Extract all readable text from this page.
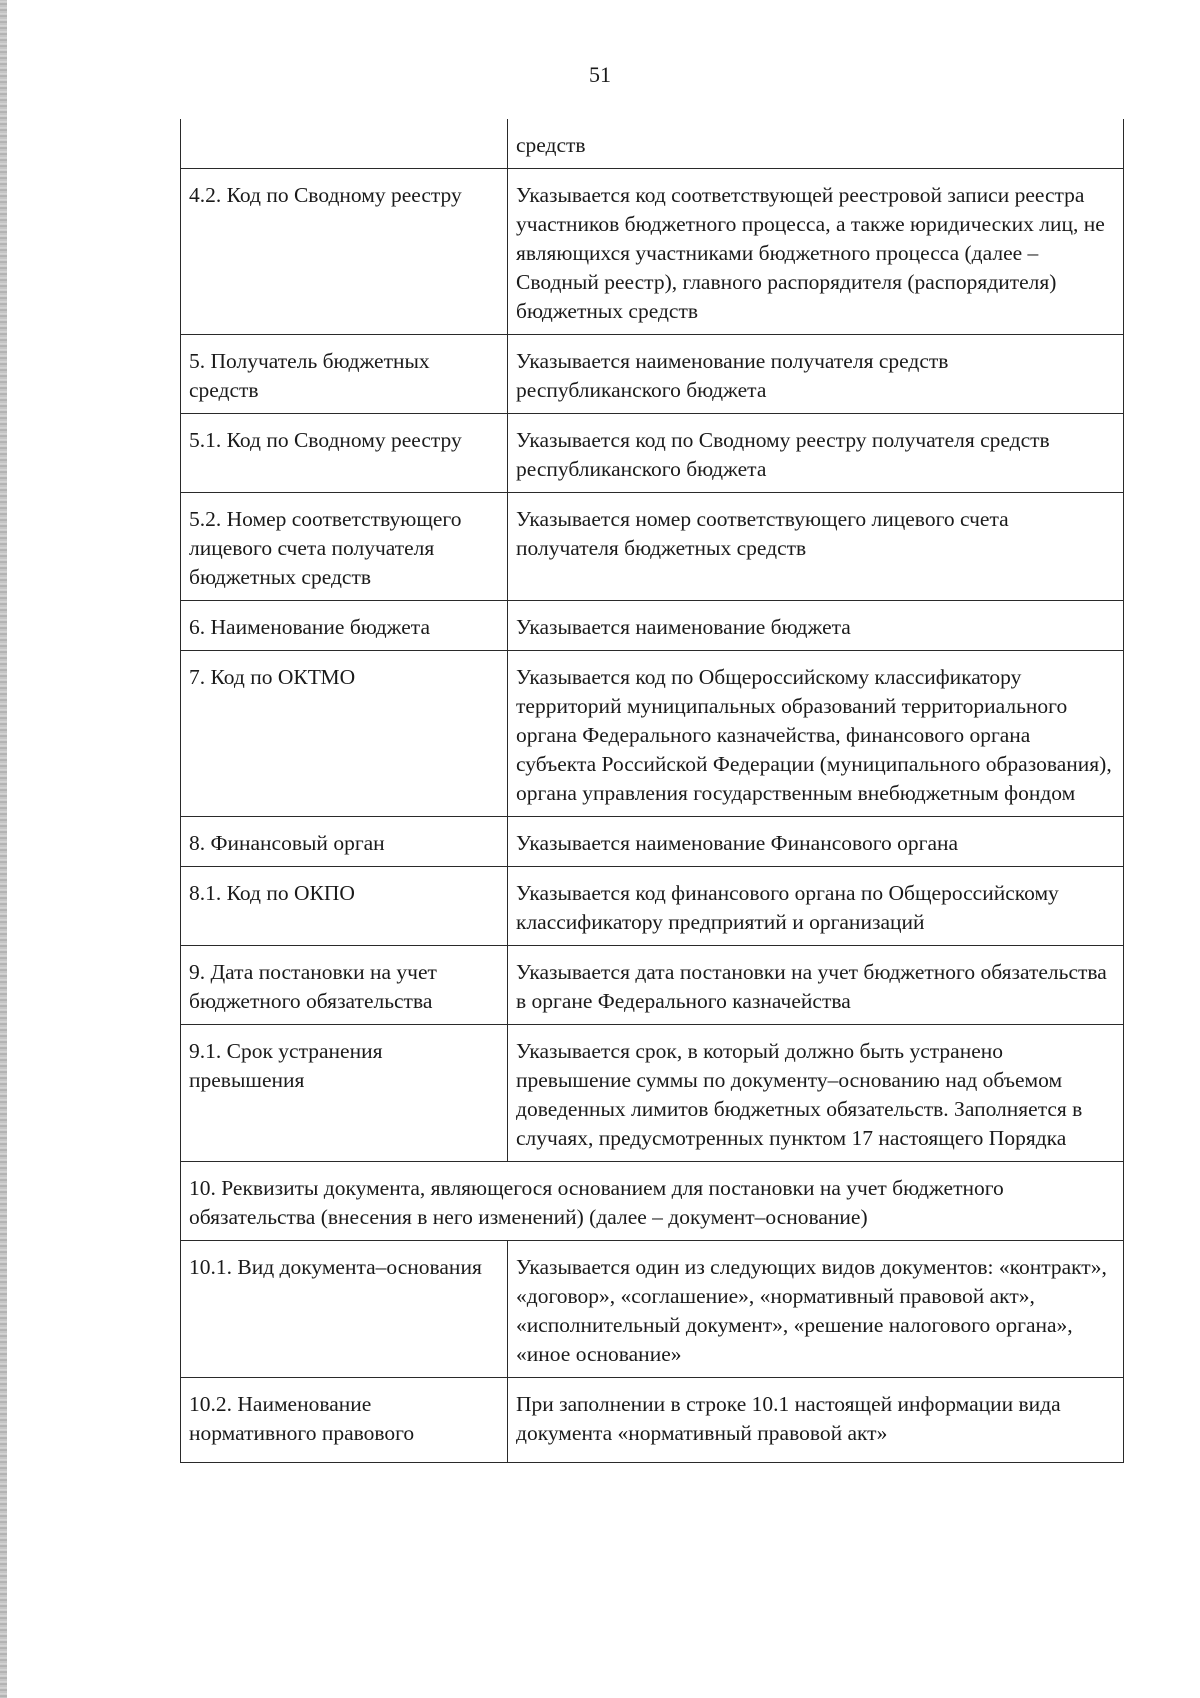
51
	средств
4.2. Код по Сводному реестру	Указывается код соответствующей реестровой записи реестра участников бюджетного процесса, а также юридических лиц, не являющихся участниками бюджетного процесса (далее – Сводный реестр), главного распорядителя (распорядителя) бюджетных средств
5. Получатель бюджетных средств	Указывается наименование получателя средств республиканского бюджета
5.1. Код по Сводному реестру	Указывается код по Сводному реестру получателя средств республиканского бюджета
5.2. Номер соответствующего лицевого счета получателя бюджетных средств	Указывается номер соответствующего лицевого счета получателя бюджетных средств
6. Наименование бюджета	Указывается наименование бюджета
7. Код по ОКТМО	Указывается код по Общероссийскому классификатору территорий муниципальных образований территориального органа Федерального казначейства, финансового органа субъекта Российской Федерации (муниципального образования), органа управления государственным внебюджетным фондом
8. Финансовый орган	Указывается наименование Финансового органа
8.1. Код по ОКПО	Указывается код финансового органа по Общероссийскому классификатору предприятий и организаций
9. Дата постановки на учет бюджетного обязательства	Указывается дата постановки на учет бюджетного обязательства в органе Федерального казначейства
9.1. Срок устранения превышения	Указывается срок, в который должно быть устранено превышение суммы по документу–основанию над объемом доведенных лимитов бюджетных обязательств. Заполняется в случаях, предусмотренных пунктом 17 настоящего Порядка
10. Реквизиты документа, являющегося основанием для постановки на учет бюджетного обязательства (внесения в него изменений) (далее – документ–основание)	
10.1. Вид документа–основания	Указывается один из следующих видов документов: «контракт», «договор», «соглашение», «нормативный правовой акт», «исполнительный документ», «решение налогового органа», «иное основание»
10.2. Наименование нормативного правового	При заполнении в строке 10.1 настоящей информации вида документа «нормативный правовой акт»
